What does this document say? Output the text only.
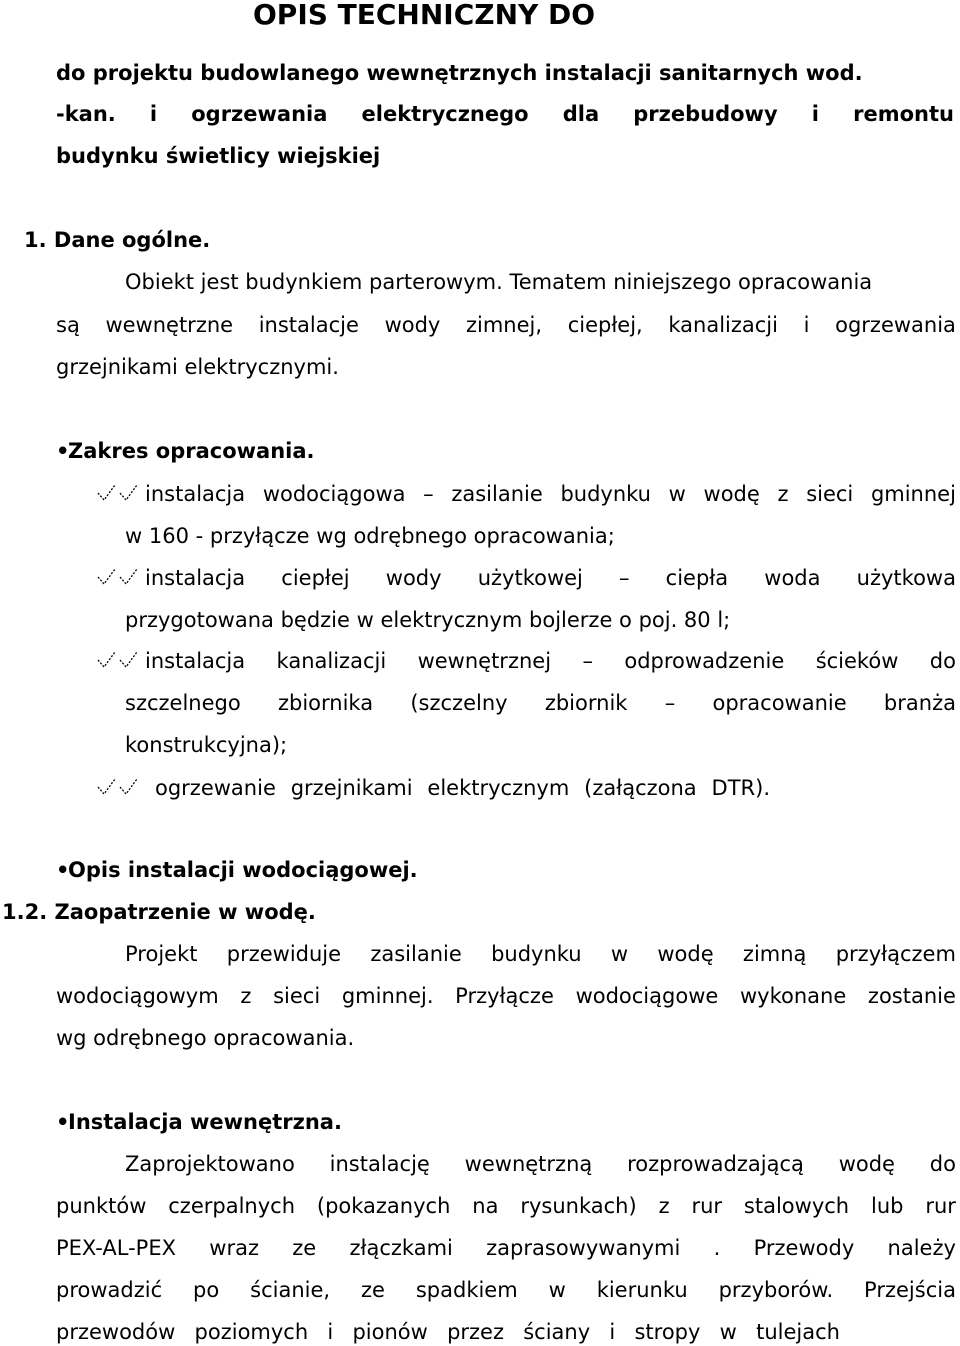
OPIS TECHNICZNY DO
do projektu budowlanego wewnętrznych instalacji sanitarnych wod.
-kan. i ogrzewania elektrycznego dla przebudowy i remontu
budynku świetlicy wiejskiej
1. Dane ogólne.
Obiekt jest budynkiem parterowym. Tematem niniejszego opracowania
są wewnętrzne instalacje wody zimnej, ciepłej, kanalizacji i ogrzewania
grzejnikami elektrycznymi.
•
Zakres opracowania.
instalacja wodociągowa – zasilanie budynku w wodę z sieci gminnej
w 160 - przyłącze wg odrębnego opracowania;
instalacja ciepłej wody użytkowej – ciepła woda użytkowa
przygotowana będzie w elektrycznym bojlerze o poj. 80 l;
instalacja kanalizacji wewnętrznej – odprowadzenie ścieków do
szczelnego zbiornika (szczelny zbiornik – opracowanie branża
konstrukcyjna);
ogrzewanie grzejnikami elektrycznym (załączona DTR).
•
Opis instalacji wodociągowej.
1.2. Zaopatrzenie w wodę.
Projekt przewiduje zasilanie budynku w wodę zimną przyłączem
wodociągowym z sieci gminnej. Przyłącze wodociągowe wykonane zostanie
wg odrębnego opracowania.
•
Instalacja wewnętrzna.
Zaprojektowano instalację wewnętrzną rozprowadzającą wodę do
punktów czerpalnych (pokazanych na rysunkach) z rur stalowych lub rur
PEX-AL-PEX wraz ze złączkami zaprasowywanymi . Przewody należy
prowadzić po ścianie, ze spadkiem w kierunku przyborów. Przejścia
przewodów poziomych i pionów przez ściany i stropy w tulejach
